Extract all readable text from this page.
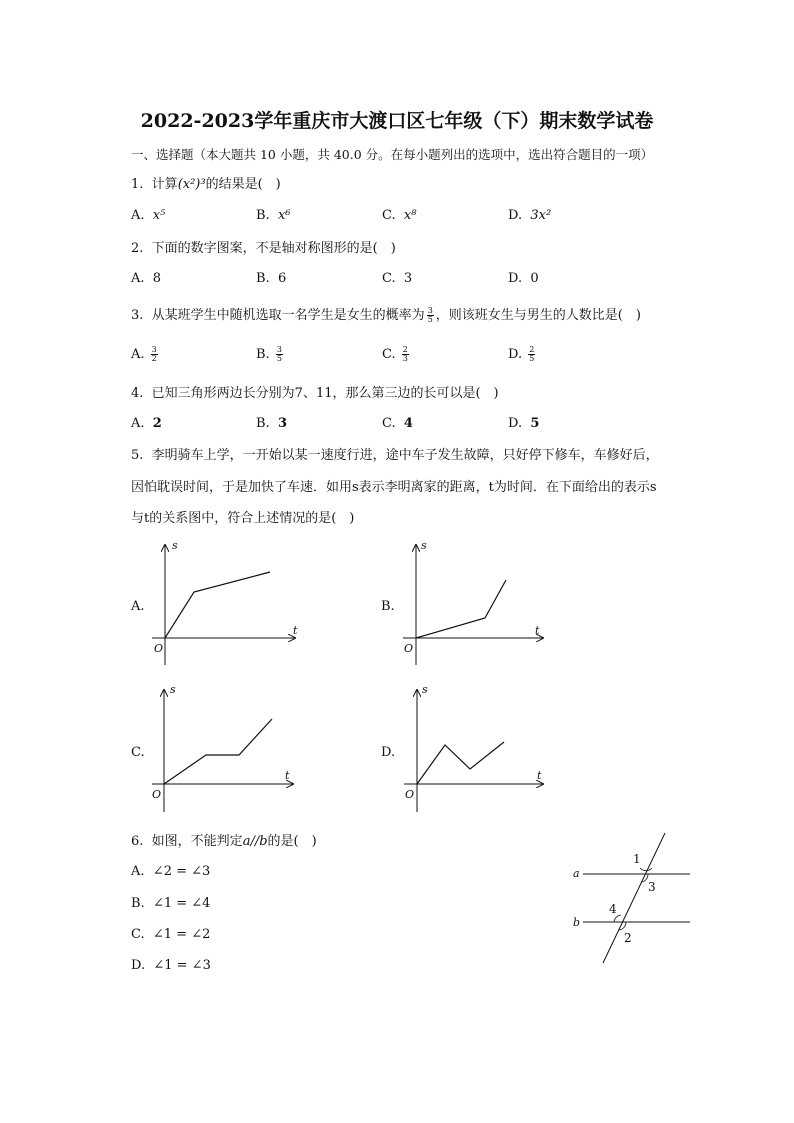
2022-2023学年重庆市大渡口区七年级（下）期末数学试卷
一、选择题（本大题共 10 小题，共 40.0 分。在每小题列出的选项中，选出符合题目的一项）
1. 计算(x²)³的结果是(　)
A. x⁵	B. x⁶	C. x⁸	D. 3x²
2. 下面的数字图案，不是轴对称图形的是(　)
A. 8	B. 6	C. 3	D. 0
3. 从某班学生中随机选取一名学生是女生的概率为 $\frac{3}{5}$ ，则该班女生与男生的人数比是(　)
A. $\frac{3}{2}$	B. $\frac{3}{5}$	C. $\frac{2}{3}$	D. $\frac{2}{5}$
4. 已知三角形两边长分别为7、11，那么第三边的长可以是(　)
A. 2	B. 3	C. 4	D. 5
5. 李明骑车上学，一开始以某一速度行进，途中车子发生故障，只好停下修车，车修好后，
因怕耽误时间，于是加快了车速．如用s表示李明离家的距离，t为时间．在下面给出的表示s
与t的关系图中，符合上述情况的是(　)
A.	B.
C.	D.
s
t
O
s
t
O
s
t
O
s
t
O
6. 如图，不能判定a//b的是(　)
A. ∠2 = ∠3
B. ∠1 = ∠4
C. ∠1 = ∠2
D. ∠1 = ∠3
a
b
1
3
4
2
